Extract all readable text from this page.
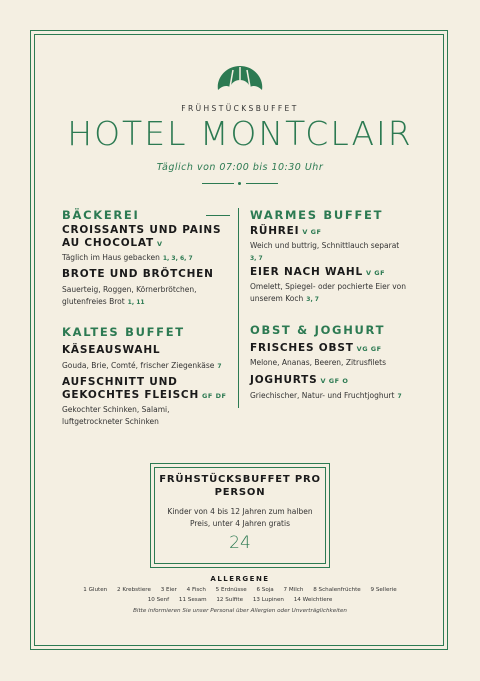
FRÜHSTÜCKSBUFFET
HOTEL MONTCLAIR
Täglich von 07:00 bis 10:30 Uhr
BÄCKEREI
CROISSANTS UND PAINS
AU CHOCOLAT V
Täglich im Haus gebacken 1, 3, 6, 7
BROTE UND BRÖTCHEN
Sauerteig, Roggen, Körnerbrötchen,
glutenfreies Brot 1, 11
KALTES BUFFET
KÄSEAUSWAHL
Gouda, Brie, Comté, frischer Ziegenkäse 7
AUFSCHNITT UND
GEKOCHTES FLEISCH GF DF
Gekochter Schinken, Salami,
luftgetrockneter Schinken
WARMES BUFFET
RÜHREI V GF
Weich und buttrig, Schnittlauch separat
3, 7
EIER NACH WAHL V GF
Omelett, Spiegel- oder pochierte Eier von
unserem Koch 3, 7
OBST & JOGHURT
FRISCHES OBST VG GF
Melone, Ananas, Beeren, Zitrusfilets
JOGHURTS V GF O
Griechischer, Natur- und Fruchtjoghurt 7
FRÜHSTÜCKSBUFFET PRO
PERSON
Kinder von 4 bis 12 Jahren zum halben
Preis, unter 4 Jahren gratis
24
ALLERGENE
1 Gluten 2 Krebstiere 3 Eier 4 Fisch 5 Erdnüsse 6 Soja 7 Milch 8 Schalenfrüchte 9 Sellerie
10 Senf 11 Sesam 12 Sulfite 13 Lupinen 14 Weichtiere
Bitte informieren Sie unser Personal über Allergien oder Unverträglichkeiten
